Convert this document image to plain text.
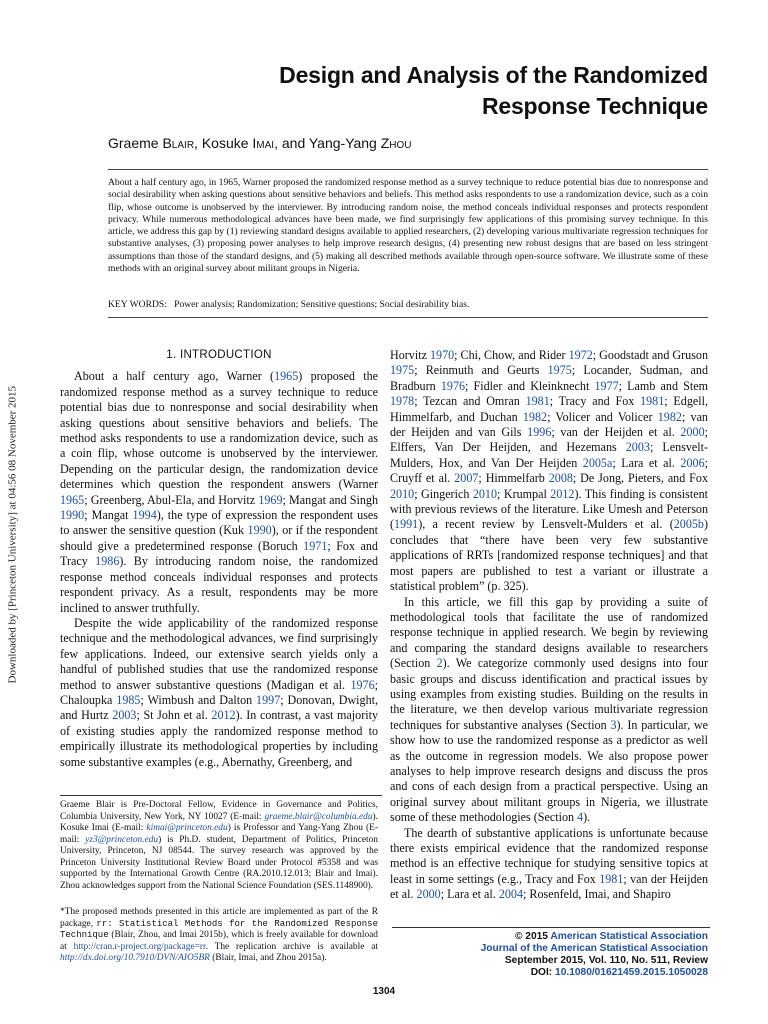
Downloaded by [Princeton University] at 04:56 08 November 2015
Design and Analysis of the Randomized
Response Technique
Graeme Blair, Kosuke Imai, and Yang-Yang Zhou
About a half century ago, in 1965, Warner proposed the randomized response method as a survey technique to reduce potential bias due to nonresponse and social desirability when asking questions about sensitive behaviors and beliefs. This method asks respondents to use a randomization device, such as a coin flip, whose outcome is unobserved by the interviewer. By introducing random noise, the method conceals individual responses and protects respondent privacy. While numerous methodological advances have been made, we find surprisingly few applications of this promising survey technique. In this article, we address this gap by (1) reviewing standard designs available to applied researchers, (2) developing various multivariate regression techniques for substantive analyses, (3) proposing power analyses to help improve research designs, (4) presenting new robust designs that are based on less stringent assumptions than those of the standard designs, and (5) making all described methods available through open-source software. We illustrate some of these methods with an original survey about militant groups in Nigeria.
KEY WORDS: Power analysis; Randomization; Sensitive questions; Social desirability bias.
1. INTRODUCTION

About a half century ago, Warner (1965) proposed the randomized response method as a survey technique to reduce potential bias due to nonresponse and social desirability when asking questions about sensitive behaviors and beliefs. The method asks respondents to use a randomization device, such as a coin flip, whose outcome is unobserved by the interviewer. Depending on the particular design, the randomization device determines which question the respondent answers (Warner 1965; Greenberg, Abul-Ela, and Horvitz 1969; Mangat and Singh 1990; Mangat 1994), the type of expression the respondent uses to answer the sensitive question (Kuk 1990), or if the respondent should give a predetermined response (Boruch 1971; Fox and Tracy 1986). By introducing random noise, the randomized response method conceals individual responses and protects respondent privacy. As a result, respondents may be more inclined to answer truthfully.

Despite the wide applicability of the randomized response technique and the methodological advances, we find surprisingly few applications. Indeed, our extensive search yields only a handful of published studies that use the randomized response method to answer substantive questions (Madigan et al. 1976; Chaloupka 1985; Wimbush and Dalton 1997; Donovan, Dwight, and Hurtz 2003; St John et al. 2012). In contrast, a vast majority of existing studies apply the randomized response method to empirically illustrate its methodological properties by including some substantive examples (e.g., Abernathy, Greenberg, and

Horvitz 1970; Chi, Chow, and Rider 1972; Goodstadt and Gruson 1975; Reinmuth and Geurts 1975; Locander, Sudman, and Bradburn 1976; Fidler and Kleinknecht 1977; Lamb and Stem 1978; Tezcan and Omran 1981; Tracy and Fox 1981; Edgell, Himmelfarb, and Duchan 1982; Volicer and Volicer 1982; van der Heijden and van Gils 1996; van der Heijden et al. 2000; Elffers, Van Der Heijden, and Hezemans 2003; Lensvelt-Mulders, Hox, and Van Der Heijden 2005a; Lara et al. 2006; Cruyff et al. 2007; Himmelfarb 2008; De Jong, Pieters, and Fox 2010; Gingerich 2010; Krumpal 2012). This finding is consistent with previous reviews of the literature. Like Umesh and Peterson (1991), a recent review by Lensvelt-Mulders et al. (2005b) concludes that “there have been very few substantive applications of RRTs [randomized response techniques] and that most papers are published to test a variant or illustrate a statistical problem” (p. 325).

In this article, we fill this gap by providing a suite of methodological tools that facilitate the use of randomized response technique in applied research. We begin by reviewing and comparing the standard designs available to researchers (Section 2). We categorize commonly used designs into four basic groups and discuss identification and practical issues by using examples from existing studies. Building on the results in the literature, we then develop various multivariate regression techniques for substantive analyses (Section 3). In particular, we show how to use the randomized response as a predictor as well as the outcome in regression models. We also propose power analyses to help improve research designs and discuss the pros and cons of each design from a practical perspective. Using an original survey about militant groups in Nigeria, we illustrate some of these methodologies (Section 4).

The dearth of substantive applications is unfortunate because there exists empirical evidence that the randomized response method is an effective technique for studying sensitive topics at least in some settings (e.g., Tracy and Fox 1981; van der Heijden et al. 2000; Lara et al. 2004; Rosenfeld, Imai, and Shapiro

Graeme Blair is Pre-Doctoral Fellow, Evidence in Governance and Politics, Columbia University, New York, NY 10027 (E-mail: graeme.blair@columbia.edu). Kosuke Imai (E-mail: kimai@princeton.edu) is Professor and Yang-Yang Zhou (E-mail: yz3@princeton.edu) is Ph.D. student, Department of Politics, Princeton University, Princeton, NJ 08544. The survey research was approved by the Princeton University Institutional Review Board under Protocol #5358 and was supported by the International Growth Centre (RA.2010.12.013; Blair and Imai). Zhou acknowledges support from the National Science Foundation (SES.1148900).
*The proposed methods presented in this article are implemented as part of the R package, rr: Statistical Methods for the Randomized Response Technique (Blair, Zhou, and Imai 2015b), which is freely available for download at http://cran.r-project.org/package=rr. The replication archive is available at http://dx.doi.org/10.7910/DVN/AIO5BR (Blair, Imai, and Zhou 2015a).
© 2015 American Statistical Association
Journal of the American Statistical Association
September 2015, Vol. 110, No. 511, Review
DOI: 10.1080/01621459.2015.1050028
1304
